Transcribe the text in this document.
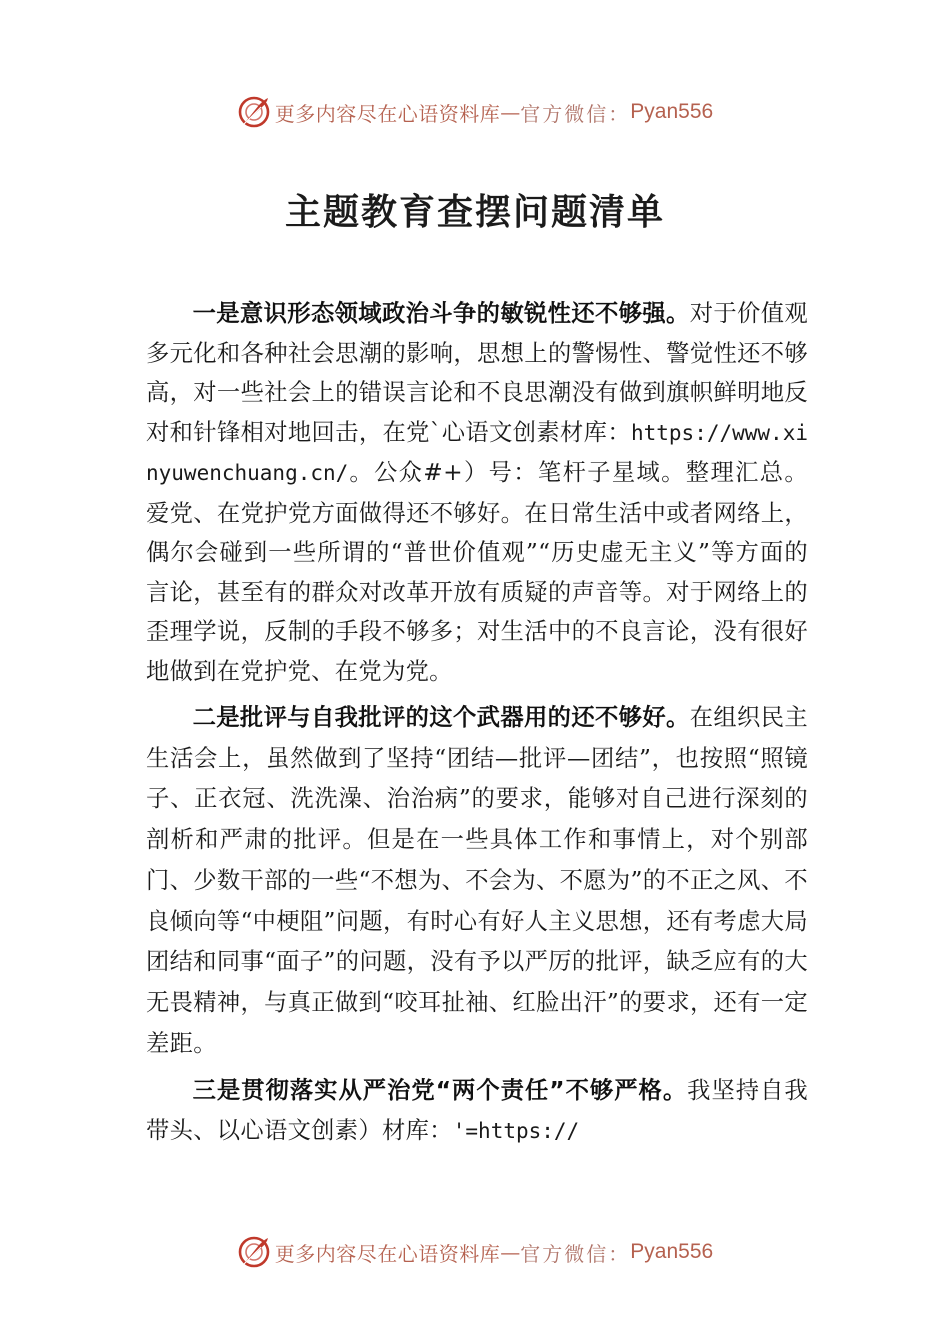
更多内容尽在心语资料库 — 官方微信： Pyan556
主题教育查摆问题清单

一是意识形态领域政治斗争的敏锐性还不够强。对于价值观多元化和各种社会思潮的影响，思想上的警惕性、警觉性还不够高，对一些社会上的错误言论和不良思潮没有做到旗帜鲜明地反对和针锋相对地回击，在党`心语文创素材库：https://www.xinyuwenchuang.cn/。公众#+）号：笔杆子星域。整理汇总。爱党、在党护党方面做得还不够好。在日常生活中或者网络上，偶尔会碰到一些所谓的“普世价值观”“历史虚无主义”等方面的言论，甚至有的群众对改革开放有质疑的声音等。对于网络上的歪理学说，反制的手段不够多；对生活中的不良言论，没有很好地做到在党护党、在党为党。

二是批评与自我批评的这个武器用的还不够好。在组织民主生活会上，虽然做到了坚持“团结—批评—团结”，也按照“照镜子、正衣冠、洗洗澡、治治病”的要求，能够对自己进行深刻的剖析和严肃的批评。但是在一些具体工作和事情上，对个别部门、少数干部的一些“不想为、不会为、不愿为”的不正之风、不良倾向等“中梗阻”问题，有时心有好人主义思想，还有考虑大局团结和同事“面子”的问题，没有予以严厉的批评，缺乏应有的大无畏精神，与真正做到“咬耳扯袖、红脸出汗”的要求，还有一定差距。

三是贯彻落实从严治党“两个责任”不够严格。我坚持自我带头、以心语文创素）材库：'=https://

更多内容尽在心语资料库 — 官方微信： Pyan556
